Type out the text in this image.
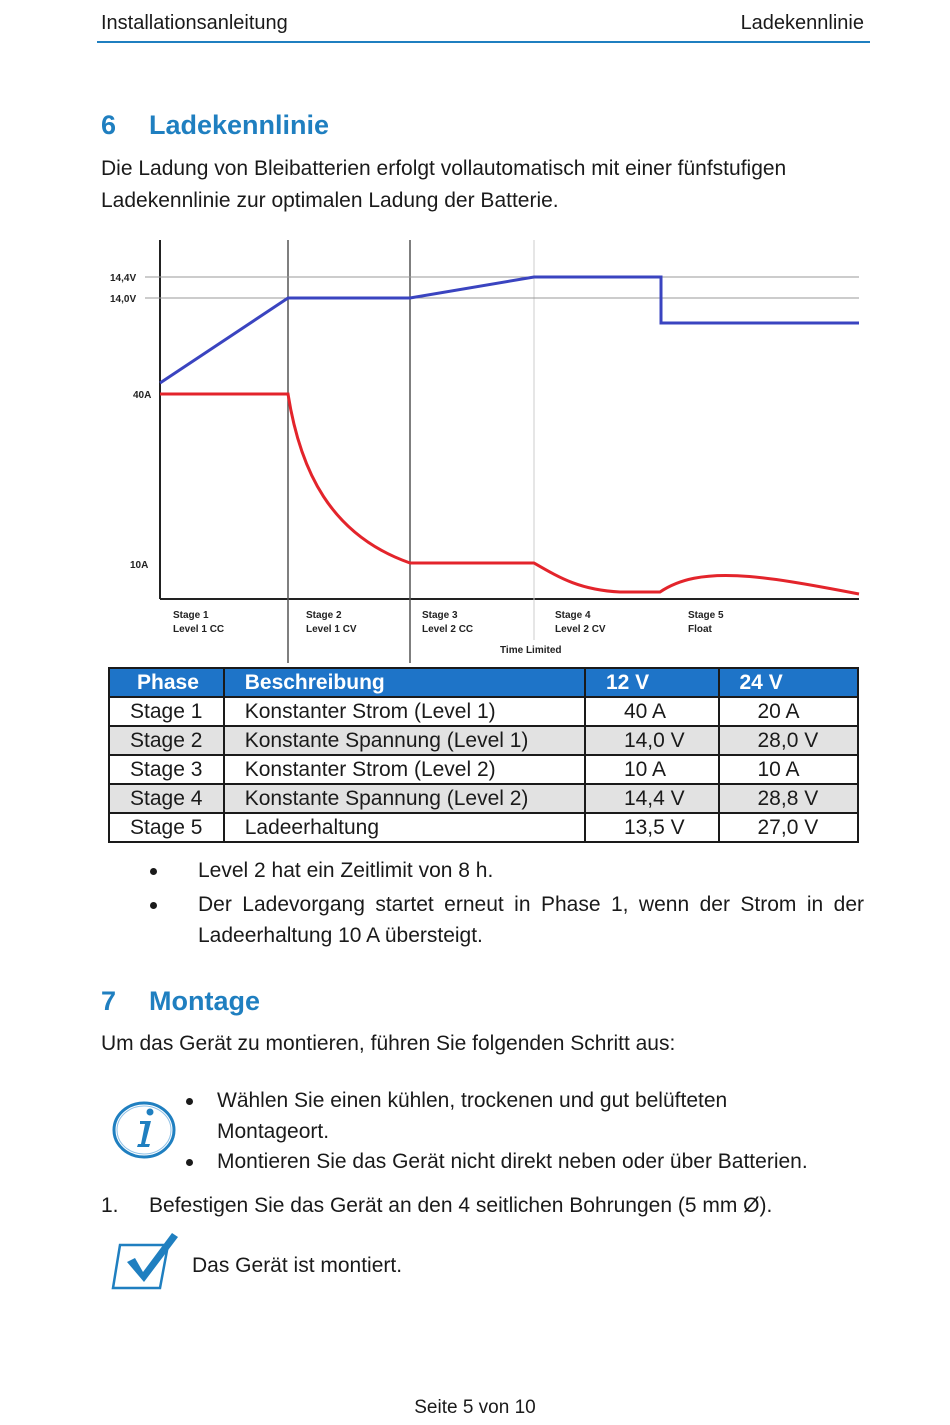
Installationsanleitung	Ladekennlinie
6 Ladekennlinie
Die Ladung von Bleibatterien erfolgt vollautomatisch mit einer fünfstufigen
Ladekennlinie zur optimalen Ladung der Batterie.
14,4V
14,0V
40A
10A
Stage 1
Level 1 CC
Stage 2
Level 1 CV
Stage 3
Level 2 CC
Stage 4
Level 2 CV
Stage 5
Float
Time Limited
Phase	Beschreibung	12 V	24 V
Stage 1	Konstanter Strom (Level 1)	40 A	20 A
Stage 2	Konstante Spannung (Level 1)	14,0 V	28,0 V
Stage 3	Konstanter Strom (Level 2)	10 A	10 A
Stage 4	Konstante Spannung (Level 2)	14,4 V	28,8 V
Stage 5	Ladeerhaltung	13,5 V	27,0 V
Level 2 hat ein Zeitlimit von 8 h.
Der Ladevorgang startet erneut in Phase 1, wenn der Strom in der
Ladeerhaltung 10 A übersteigt.
7 Montage
Um das Gerät zu montieren, führen Sie folgenden Schritt aus:
Wählen Sie einen kühlen, trockenen und gut belüfteten
Montageort.
Montieren Sie das Gerät nicht direkt neben oder über Batterien.
1. Befestigen Sie das Gerät an den 4 seitlichen Bohrungen (5 mm Ø).
Das Gerät ist montiert.
Seite 5 von 10
